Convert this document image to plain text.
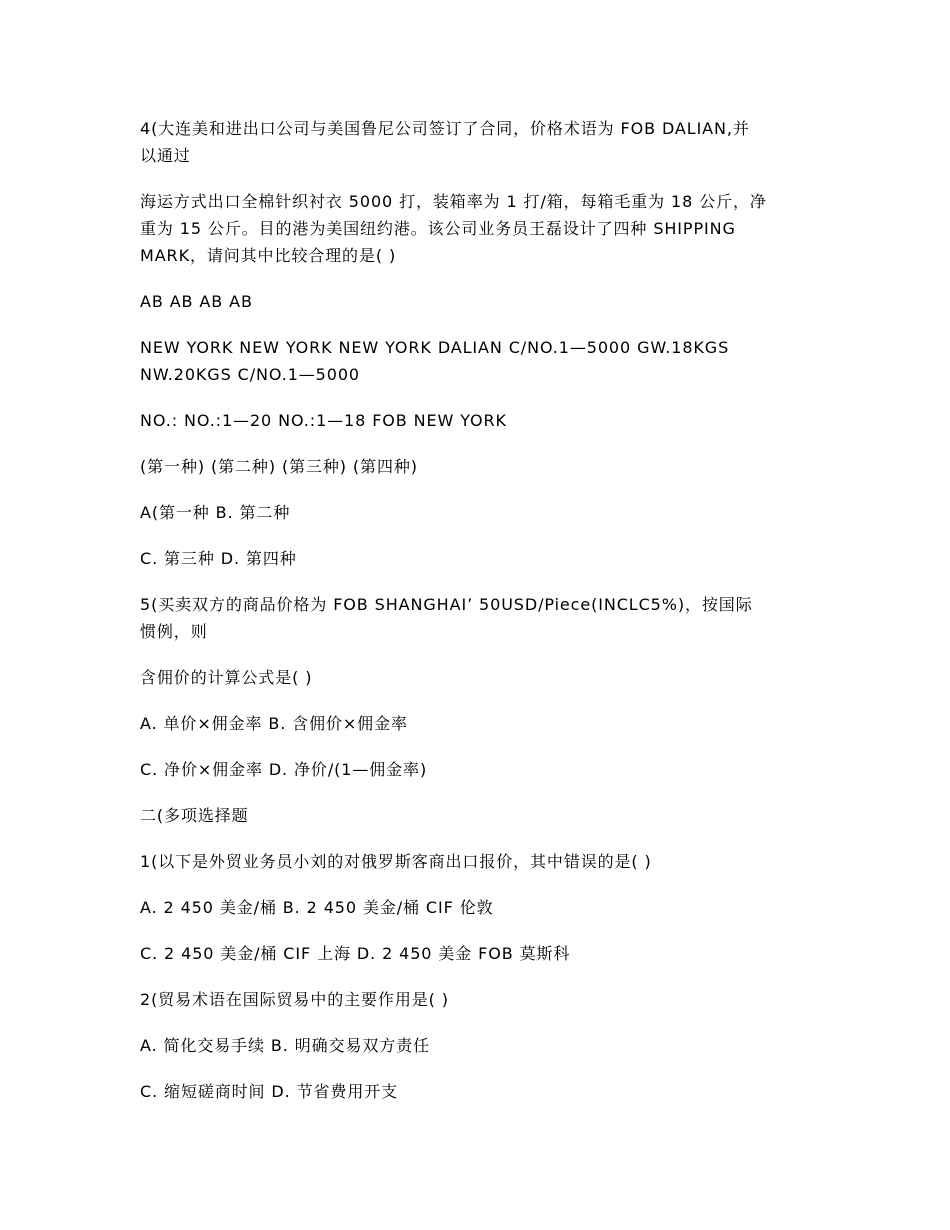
4(大连美和进出口公司与美国鲁尼公司签订了合同，价格术语为 FOB DALIAN,并
以通过

海运方式出口全棉针织衬衣 5000 打，装箱率为 1 打/箱，每箱毛重为 18 公斤，净
重为 15 公斤。目的港为美国纽约港。该公司业务员王磊设计了四种 SHIPPING
MARK，请问其中比较合理的是( )

AB AB AB AB

NEW YORK NEW YORK NEW YORK DALIAN C/NO.1—5000 GW.18KGS
NW.20KGS C/NO.1—5000

NO.: NO.:1—20 NO.:1—18 FOB NEW YORK

(第一种) (第二种) (第三种) (第四种)

A(第一种 B. 第二种

C. 第三种 D. 第四种

5(买卖双方的商品价格为 FOB SHANGHAI’ 50USD/Piece(INCLC5%)，按国际
惯例，则

含佣价的计算公式是( )

A. 单价×佣金率 B. 含佣价×佣金率

C. 净价×佣金率 D. 净价/(1—佣金率)

二(多项选择题

1(以下是外贸业务员小刘的对俄罗斯客商出口报价，其中错误的是( )

A. 2 450 美金/桶 B. 2 450 美金/桶 CIF 伦敦

C. 2 450 美金/桶 CIF 上海 D. 2 450 美金 FOB 莫斯科

2(贸易术语在国际贸易中的主要作用是( )

A. 简化交易手续 B. 明确交易双方责任

C. 缩短磋商时间 D. 节省费用开支
